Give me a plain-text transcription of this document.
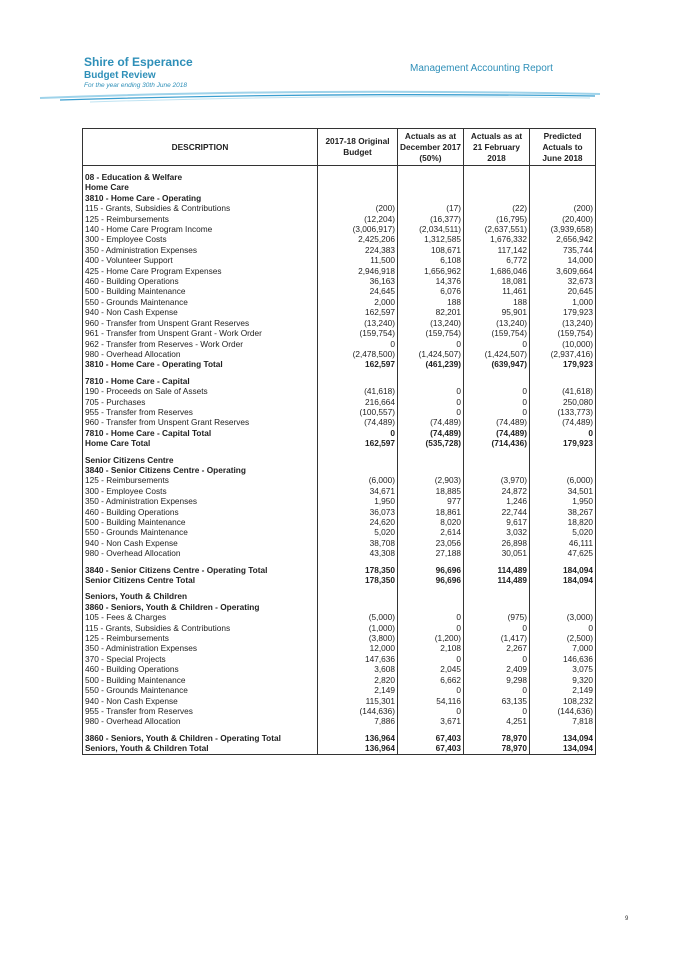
Shire of Esperance
Budget Review
For the year ending 30th June 2018
Management Accounting Report
DESCRIPTION	2017-18 Original Budget	Actuals as at December 2017 (50%)	Actuals as at 21 February 2018	Predicted Actuals to June 2018

08 - Education & Welfare				
Home Care				
3810 - Home Care - Operating				
115 - Grants, Subsidies & Contributions	(200)	(17)	(22)	(200)
125 - Reimbursements	(12,204)	(16,377)	(16,795)	(20,400)
140 - Home Care Program Income	(3,006,917)	(2,034,511)	(2,637,551)	(3,939,658)
300 - Employee Costs	2,425,206	1,312,585	1,676,332	2,656,942
350 - Administration Expenses	224,383	108,671	117,142	735,744
400 - Volunteer Support	11,500	6,108	6,772	14,000
425 - Home Care Program Expenses	2,946,918	1,656,962	1,686,046	3,609,664
460 - Building Operations	36,163	14,376	18,081	32,673
500 - Building Maintenance	24,645	6,076	11,461	20,645
550 - Grounds Maintenance	2,000	188	188	1,000
940 - Non Cash Expense	162,597	82,201	95,901	179,923
960 - Transfer from Unspent Grant Reserves	(13,240)	(13,240)	(13,240)	(13,240)
961 - Transfer from Unspent Grant - Work Order	(159,754)	(159,754)	(159,754)	(159,754)
962 - Transfer from Reserves - Work Order	0	0	0	(10,000)
980 - Overhead Allocation	(2,478,500)	(1,424,507)	(1,424,507)	(2,937,416)
3810 - Home Care - Operating Total	162,597	(461,239)	(639,947)	179,923

7810 - Home Care - Capital				
190 - Proceeds on Sale of Assets	(41,618)	0	0	(41,618)
705 - Purchases	216,664	0	0	250,080
955 - Transfer from Reserves	(100,557)	0	0	(133,773)
960 - Transfer from Unspent Grant Reserves	(74,489)	(74,489)	(74,489)	(74,489)
7810 - Home Care - Capital Total	0	(74,489)	(74,489)	0
Home Care Total	162,597	(535,728)	(714,436)	179,923

Senior Citizens Centre				
3840 - Senior Citizens Centre - Operating				
125 - Reimbursements	(6,000)	(2,903)	(3,970)	(6,000)
300 - Employee Costs	34,671	18,885	24,872	34,501
350 - Administration Expenses	1,950	977	1,246	1,950
460 - Building Operations	36,073	18,861	22,744	38,267
500 - Building Maintenance	24,620	8,020	9,617	18,820
550 - Grounds Maintenance	5,020	2,614	3,032	5,020
940 - Non Cash Expense	38,708	23,056	26,898	46,111
980 - Overhead Allocation	43,308	27,188	30,051	47,625

3840 - Senior Citizens Centre - Operating Total	178,350	96,696	114,489	184,094
Senior Citizens Centre Total	178,350	96,696	114,489	184,094

Seniors, Youth & Children				
3860 - Seniors, Youth & Children - Operating				
105 - Fees & Charges	(5,000)	0	(975)	(3,000)
115 - Grants, Subsidies & Contributions	(1,000)	0	0	0
125 - Reimbursements	(3,800)	(1,200)	(1,417)	(2,500)
350 - Administration Expenses	12,000	2,108	2,267	7,000
370 - Special Projects	147,636	0	0	146,636
460 - Building Operations	3,608	2,045	2,409	3,075
500 - Building Maintenance	2,820	6,662	9,298	9,320
550 - Grounds Maintenance	2,149	0	0	2,149
940 - Non Cash Expense	115,301	54,116	63,135	108,232
955 - Transfer from Reserves	(144,636)	0	0	(144,636)
980 - Overhead Allocation	7,886	3,671	4,251	7,818

3860 - Seniors, Youth & Children - Operating Total	136,964	67,403	78,970	134,094
Seniors, Youth & Children Total	136,964	67,403	78,970	134,094
9
